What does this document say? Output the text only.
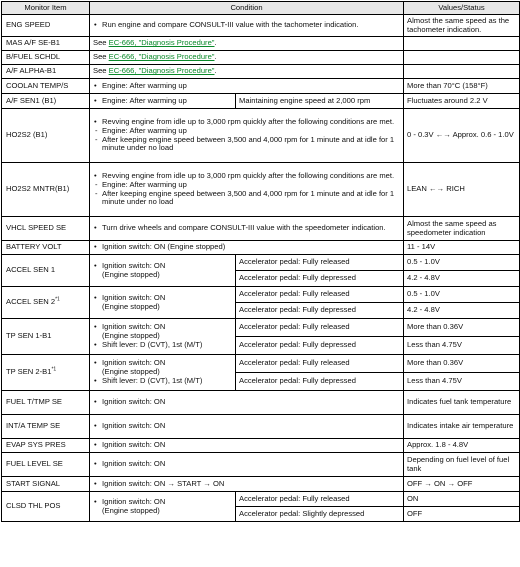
Monitor Item	Condition		Values/Status
ENG SPEED	• Run engine and compare CONSULT-III value with the tachometer indication.		Almost the same speed as the tachometer indication.
MAS A/F SE-B1	See EC-666, "Diagnosis Procedure".		
B/FUEL SCHDL	See EC-666, "Diagnosis Procedure".		
A/F ALPHA-B1	See EC-666, "Diagnosis Procedure".		
COOLAN TEMP/S	• Engine: After warming up		More than 70°C (158°F)
A/F SEN1 (B1)	• Engine: After warming up	Maintaining engine speed at 2,000 rpm	Fluctuates around 2.2 V
HO2S2 (B1)	• Revving engine from idle up to 3,000 rpm quickly after the following conditions are met.
- Engine: After warming up
- After keeping engine speed between 3,500 and 4,000 rpm for 1 minute and at idle for 1 minute under no load		0 - 0.3V ←→ Approx. 0.6 - 1.0V
HO2S2 MNTR(B1)	• Revving engine from idle up to 3,000 rpm quickly after the following conditions are met.
- Engine: After warming up
- After keeping engine speed between 3,500 and 4,000 rpm for 1 minute and at idle for 1 minute under no load		LEAN ←→ RICH
VHCL SPEED SE	• Turn drive wheels and compare CONSULT-III value with the speedometer indication.		Almost the same speed as speedometer indication
BATTERY VOLT	• Ignition switch: ON (Engine stopped)		11 - 14V
ACCEL SEN 1	• Ignition switch: ON
(Engine stopped)	Accelerator pedal: Fully released	0.5 - 1.0V
		Accelerator pedal: Fully depressed	4.2 - 4.8V
ACCEL SEN 2$^{*1}$	• Ignition switch: ON
(Engine stopped)	Accelerator pedal: Fully released	0.5 - 1.0V
		Accelerator pedal: Fully depressed	4.2 - 4.8V
TP SEN 1-B1	• Ignition switch: ON
(Engine stopped)
• Shift lever: D (CVT), 1st (M/T)	Accelerator pedal: Fully released	More than 0.36V
		Accelerator pedal: Fully depressed	Less than 4.75V
TP SEN 2-B1$^{*1}$	• Ignition switch: ON
(Engine stopped)
• Shift lever: D (CVT), 1st (M/T)	Accelerator pedal: Fully released	More than 0.36V
		Accelerator pedal: Fully depressed	Less than 4.75V
FUEL T/TMP SE	• Ignition switch: ON		Indicates fuel tank temperature
INT/A TEMP SE	• Ignition switch: ON		Indicates intake air temperature
EVAP SYS PRES	• Ignition switch: ON		Approx. 1.8 - 4.8V
FUEL LEVEL SE	• Ignition switch: ON		Depending on fuel level of fuel tank
START SIGNAL	• Ignition switch: ON → START → ON		OFF → ON → OFF
CLSD THL POS	• Ignition switch: ON
(Engine stopped)	Accelerator pedal: Fully released	ON
		Accelerator pedal: Slightly depressed	OFF
